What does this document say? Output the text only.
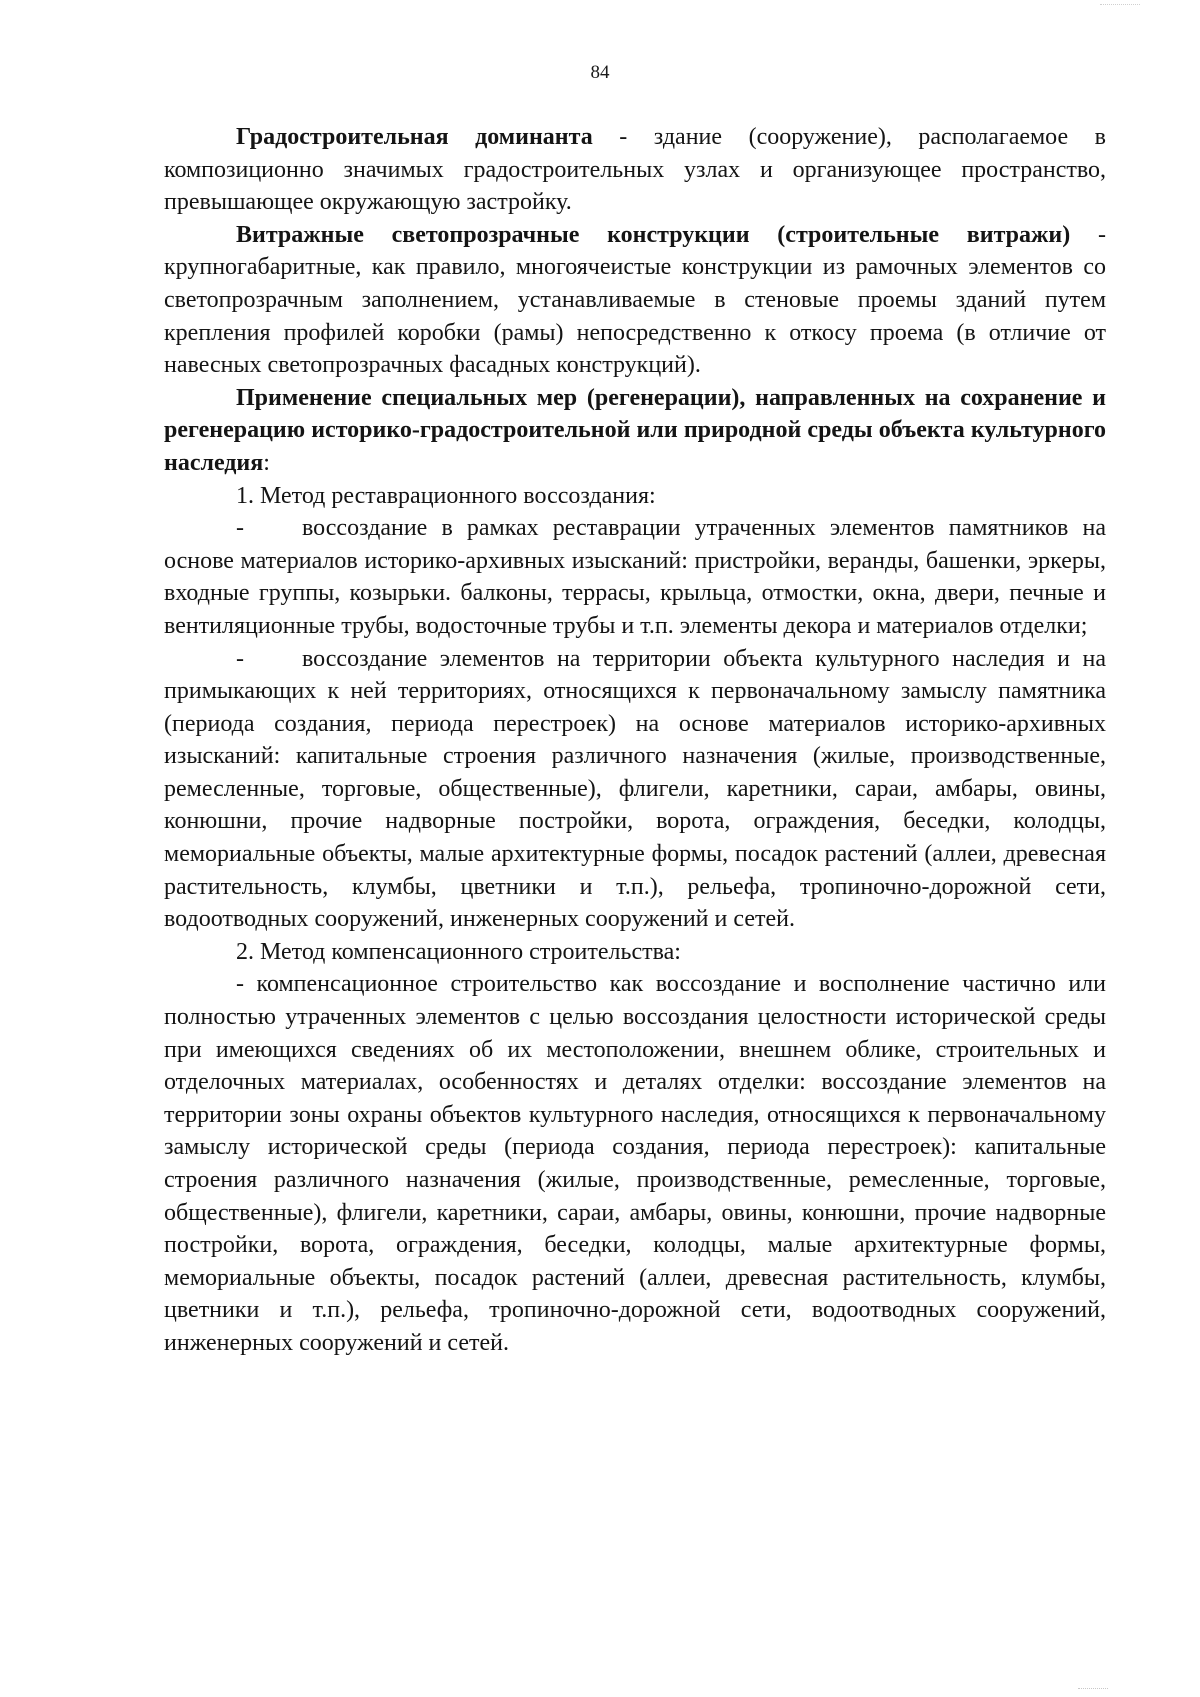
84

Градостроительная доминанта - здание (сооружение), располагаемое в композиционно значимых градостроительных узлах и организующее пространство, превышающее окружающую застройку.

Витражные светопрозрачные конструкции (строительные витражи) - крупногабаритные, как правило, многоячеистые конструкции из рамочных элементов со светопрозрачным заполнением, устанавливаемые в стеновые проемы зданий путем крепления профилей коробки (рамы) непосредственно к откосу проема (в отличие от навесных светопрозрачных фасадных конструкций).

Применение специальных мер (регенерации), направленных на сохранение и регенерацию историко-градостроительной или природной среды объекта культурного наследия:

1. Метод реставрационного воссоздания:

- воссоздание в рамках реставрации утраченных элементов памятников на основе материалов историко-архивных изысканий: пристройки, веранды, башенки, эркеры, входные группы, козырьки. балконы, террасы, крыльца, отмостки, окна, двери, печные и вентиляционные трубы, водосточные трубы и т.п. элементы декора и материалов отделки;

- воссоздание элементов на территории объекта культурного наследия и на примыкающих к ней территориях, относящихся к первоначальному замыслу памятника (периода создания, периода перестроек) на основе материалов историко-архивных изысканий: капитальные строения различного назначения (жилые, производственные, ремесленные, торговые, общественные), флигели, каретники, сараи, амбары, овины, конюшни, прочие надворные постройки, ворота, ограждения, беседки, колодцы, мемориальные объекты, малые архитектурные формы, посадок растений (аллеи, древесная растительность, клумбы, цветники и т.п.), рельефа, тропиночно-дорожной сети, водоотводных сооружений, инженерных сооружений и сетей.

2. Метод компенсационного строительства:

- компенсационное строительство как воссоздание и восполнение частично или полностью утраченных элементов с целью воссоздания целостности исторической среды при имеющихся сведениях об их местоположении, внешнем облике, строительных и отделочных материалах, особенностях и деталях отделки: воссоздание элементов на территории зоны охраны объектов культурного наследия, относящихся к первоначальному замыслу исторической среды (периода создания, периода перестроек): капитальные строения различного назначения (жилые, производственные, ремесленные, торговые, общественные), флигели, каретники, сараи, амбары, овины, конюшни, прочие надворные постройки, ворота, ограждения, беседки, колодцы, малые архитектурные формы, мемориальные объекты, посадок растений (аллеи, древесная растительность, клумбы, цветники и т.п.), рельефа, тропиночно-дорожной сети, водоотводных сооружений, инженерных сооружений и сетей.
